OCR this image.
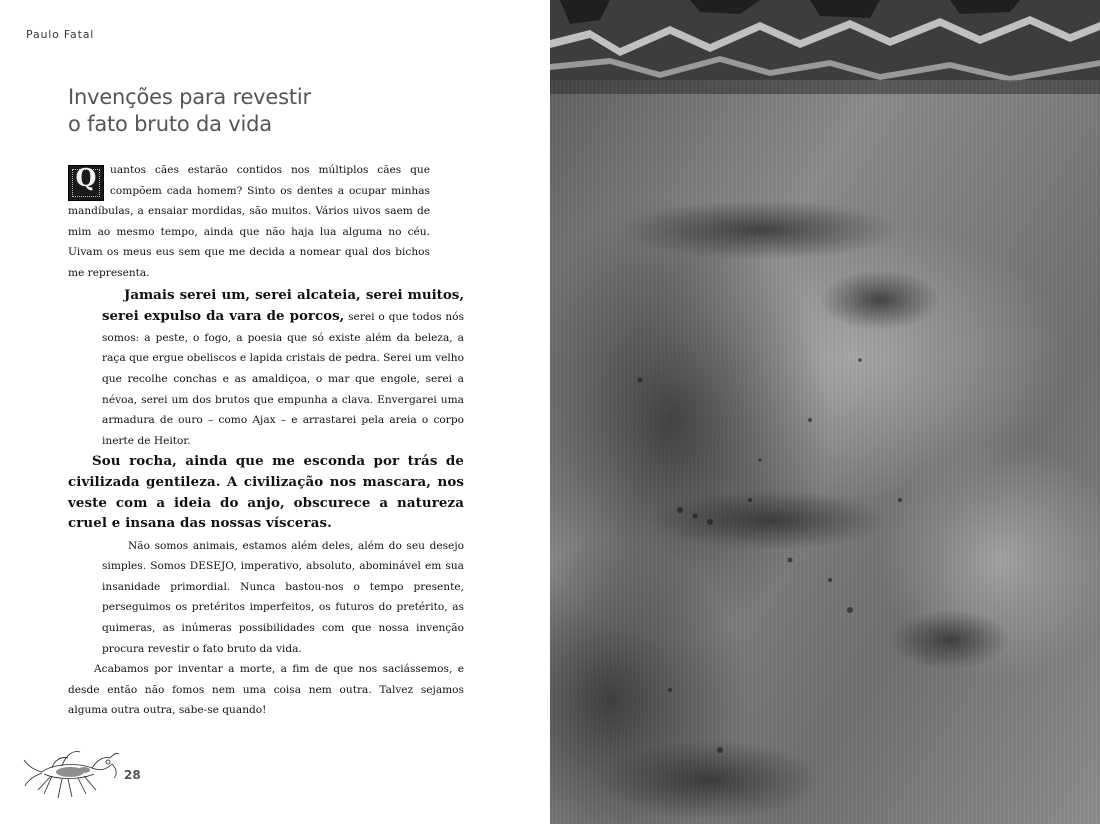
Paulo Fatal
Invenções para revestir
o fato bruto da vida

Q	uantos cães estarão contidos nos múltiplos cães que compõem cada homem? Sinto os dentes a ocupar minhas mandíbulas, a ensaiar mordidas, são muitos. Vários uivos saem de mim ao mesmo tempo, ainda que não haja lua alguma no céu. Uivam os meus eus sem que me decida a nomear qual dos bichos me representa.

Jamais serei um, serei alcateia, serei muitos, serei expulso da vara de porcos, serei o que todos nós somos: a peste, o fogo, a poesia que só existe além da beleza, a raça que ergue obeliscos e lapida cristais de pedra. Serei um velho que recolhe conchas e as amaldiçoa, o mar que engole, serei a névoa, serei um dos brutos que empunha a clava. Envergarei uma armadura de ouro – como Ajax – e arrastarei pela areia o corpo inerte de Heitor.

Sou rocha, ainda que me esconda por trás de civilizada gentileza. A civilização nos mascara, nos veste com a ideia do anjo, obscurece a natureza cruel e insana das nossas vísceras.

Não somos animais, estamos além deles, além do seu desejo simples. Somos DESEJO, imperativo, absoluto, abominável em sua insanidade primordial. Nunca bastou-nos o tempo presente, perseguimos os pretéritos imperfeitos, os futuros do pretérito, as quimeras, as inúmeras possibilidades com que nossa invenção procura revestir o fato bruto da vida.

Acabamos por inventar a morte, a fim de que nos saciássemos, e desde então não fomos nem uma coisa nem outra. Talvez sejamos alguma outra outra, sabe-se quando!

28
